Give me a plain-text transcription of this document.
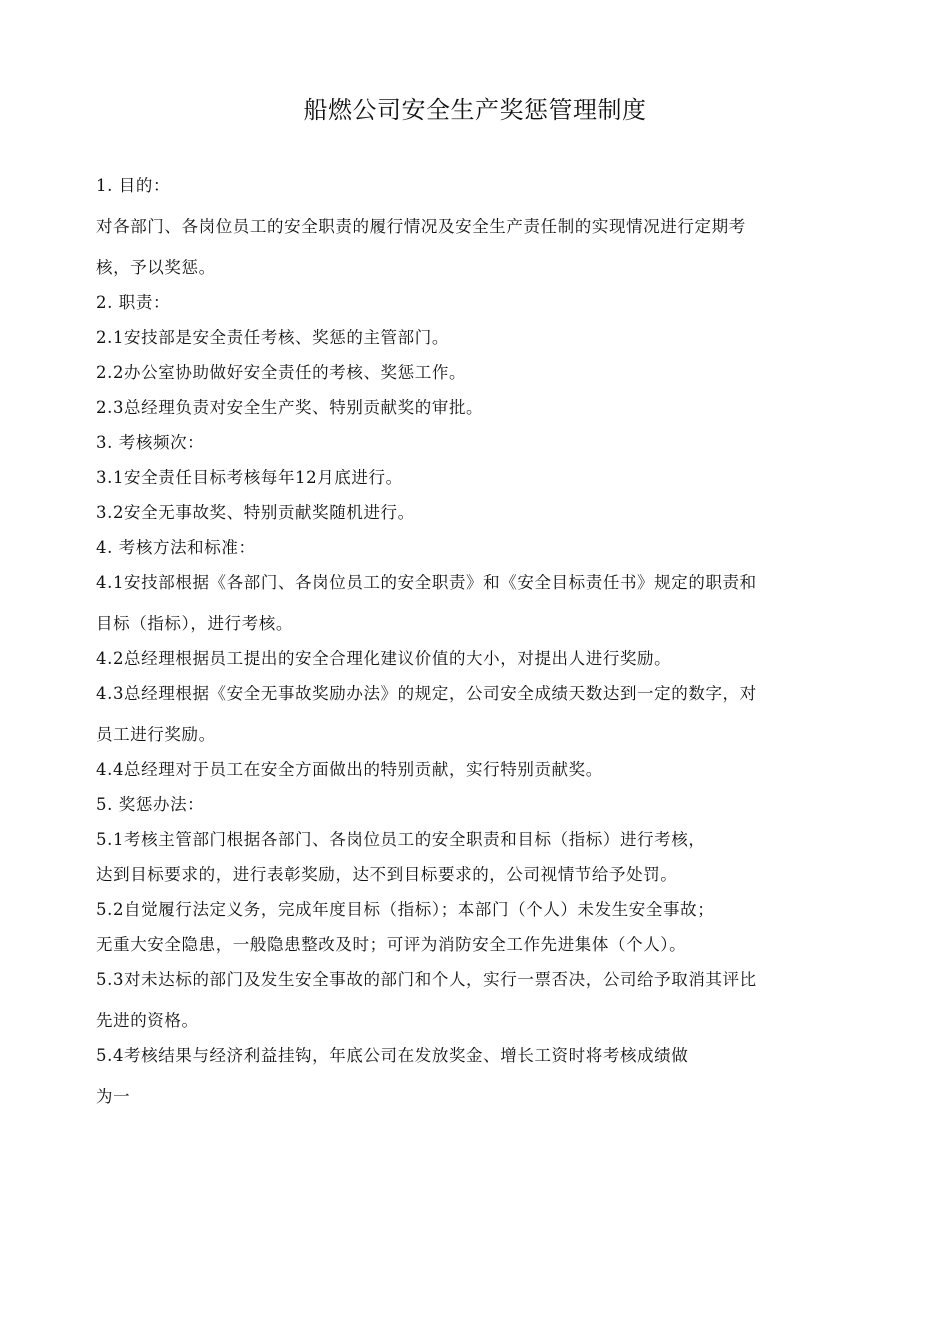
船燃公司安全生产奖惩管理制度
1. 目的：
对各部门、各岗位员工的安全职责的履行情况及安全生产责任制的实现情况进行定期考
核，予以奖惩。
2. 职责：
2.1安技部是安全责任考核、奖惩的主管部门。
2.2办公室协助做好安全责任的考核、奖惩工作。
2.3总经理负责对安全生产奖、特别贡献奖的审批。
3. 考核频次：
3.1安全责任目标考核每年12月底进行。
3.2安全无事故奖、特别贡献奖随机进行。
4. 考核方法和标准：
4.1安技部根据《各部门、各岗位员工的安全职责》和《安全目标责任书》规定的职责和
目标（指标），进行考核。
4.2总经理根据员工提出的安全合理化建议价值的大小，对提出人进行奖励。
4.3总经理根据《安全无事故奖励办法》的规定，公司安全成绩天数达到一定的数字，对
员工进行奖励。
4.4总经理对于员工在安全方面做出的特别贡献，实行特别贡献奖。
5. 奖惩办法：
5.1考核主管部门根据各部门、各岗位员工的安全职责和目标（指标）进行考核，
达到目标要求的，进行表彰奖励，达不到目标要求的，公司视情节给予处罚。
5.2自觉履行法定义务，完成年度目标（指标）；本部门（个人）未发生安全事故；
无重大安全隐患，一般隐患整改及时；可评为消防安全工作先进集体（个人）。
5.3对未达标的部门及发生安全事故的部门和个人，实行一票否决，公司给予取消其评比
先进的资格。
5.4考核结果与经济利益挂钩，年底公司在发放奖金、增长工资时将考核成绩做
为一
